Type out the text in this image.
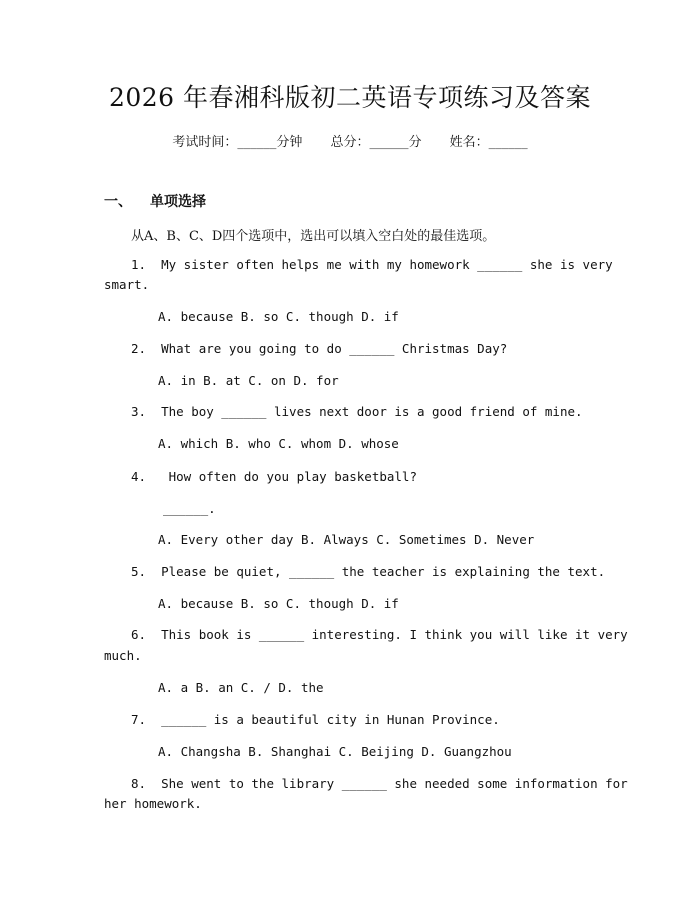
2026 年春湘科版初二英语专项练习及答案
考试时间：______分钟 总分：______分 姓名：______
一、 单项选择
从A、B、C、D四个选项中，选出可以填入空白处的最佳选项。
1.  My sister often helps me with my homework ______ she is very
smart.
A. because B. so C. though D. if
2.  What are you going to do ______ Christmas Day?
A. in B. at C. on D. for
3.  The boy ______ lives next door is a good friend of mine.
A. which B. who C. whom D. whose
4.   How often do you play basketball?
______.
A. Every other day B. Always C. Sometimes D. Never
5.  Please be quiet, ______ the teacher is explaining the text.
A. because B. so C. though D. if
6.  This book is ______ interesting. I think you will like it very
much.
A. a B. an C. / D. the
7.  ______ is a beautiful city in Hunan Province.
A. Changsha B. Shanghai C. Beijing D. Guangzhou
8.  She went to the library ______ she needed some information for
her homework.
